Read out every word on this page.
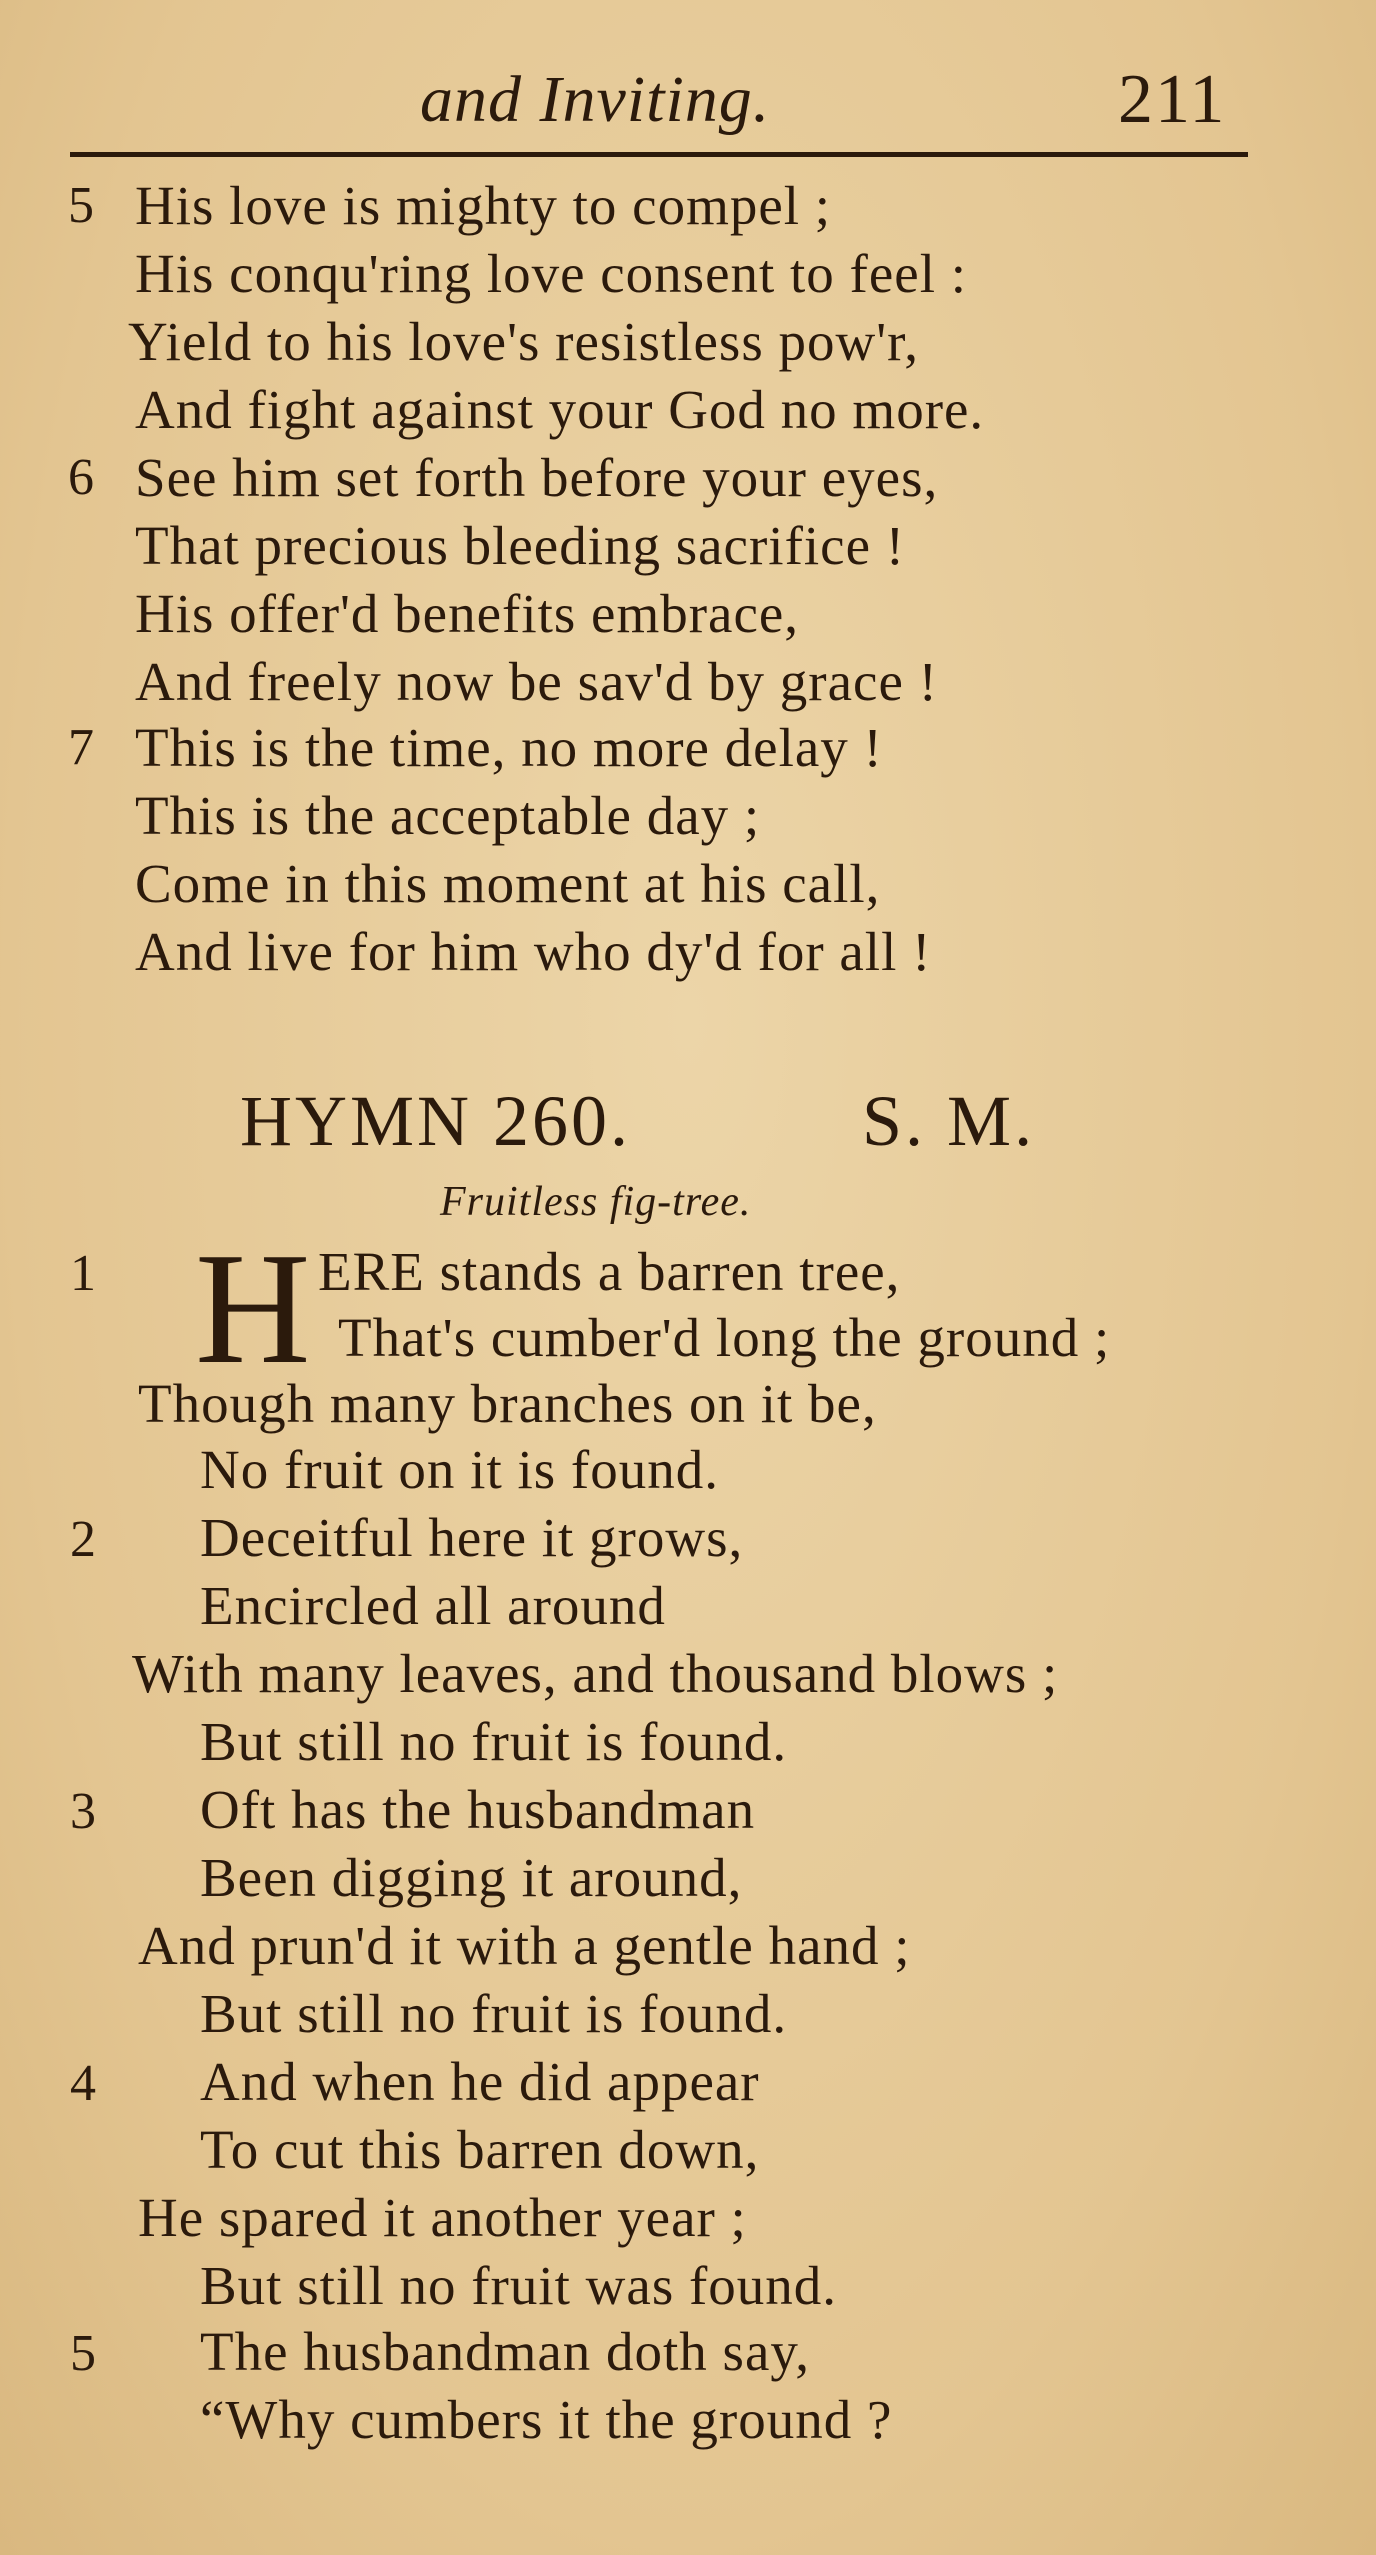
and Inviting.	211
5 His love is mighty to compel ;
His conqu'ring love consent to feel :
Yield to his love's resistless pow'r,
And fight against your God no more.
6 See him set forth before your eyes,
That precious bleeding sacrifice !
His offer'd benefits embrace,
And freely now be sav'd by grace !
7 This is the time, no more delay !
This is the acceptable day ;
Come in this moment at his call,
And live for him who dy'd for all !
HYMN 260.	S. M.
Fruitless fig-tree.
1 H ERE stands a barren tree,
That's cumber'd long the ground ;
Though many branches on it be,
No fruit on it is found.
2 Deceitful here it grows,
Encircled all around
With many leaves, and thousand blows ;
But still no fruit is found.
3 Oft has the husbandman
Been digging it around,
And prun'd it with a gentle hand ;
But still no fruit is found.
4 And when he did appear
To cut this barren down,
He spared it another year ;
But still no fruit was found.
5 The husbandman doth say,
“Why cumbers it the ground ?
